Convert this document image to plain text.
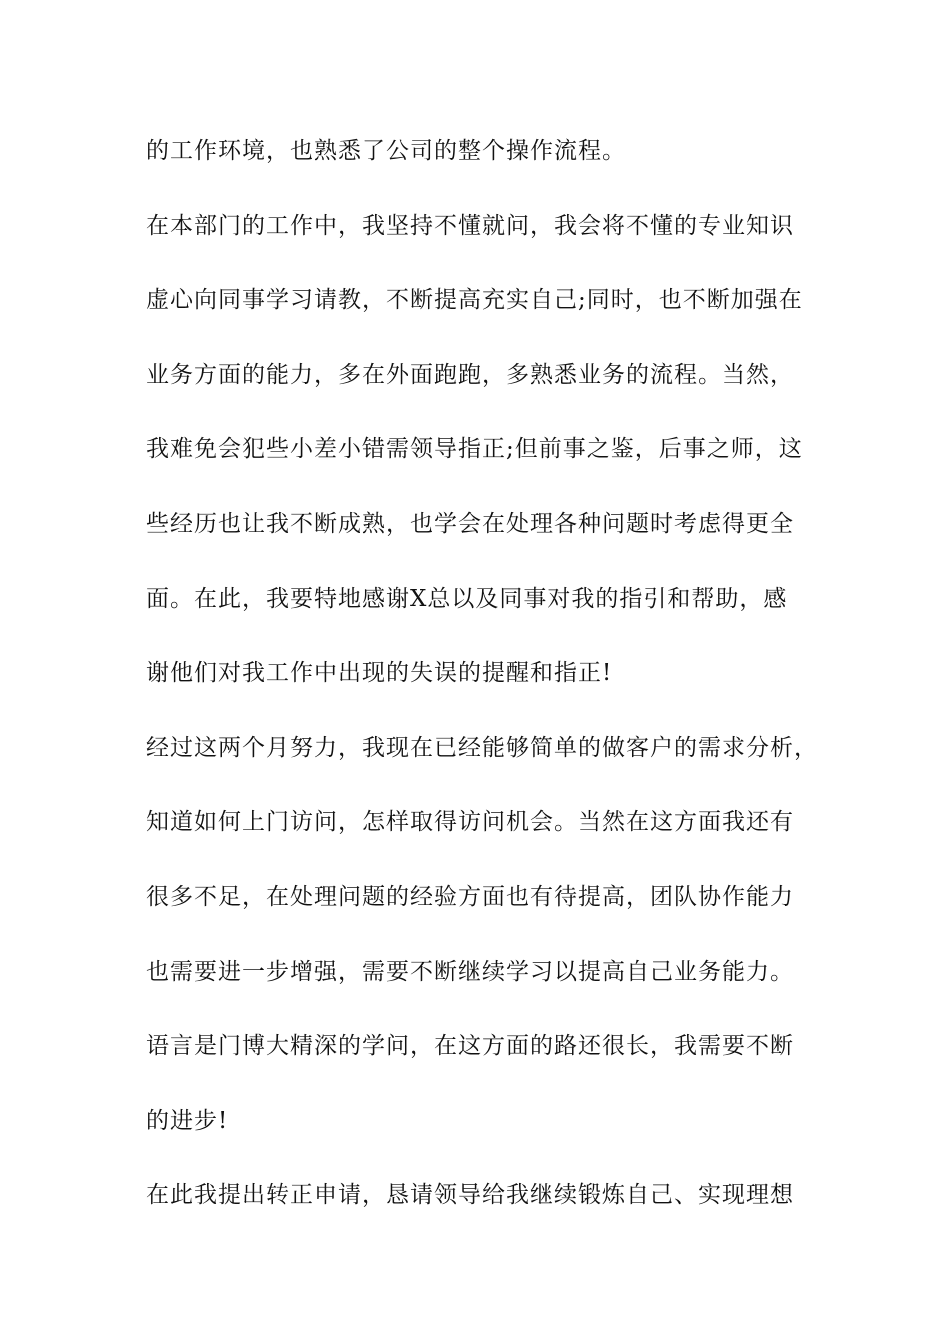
的工作环境，也熟悉了公司的整个操作流程。
在本部门的工作中，我坚持不懂就问，我会将不懂的专业知识
虚心向同事学习请教，不断提高充实自己;同时，也不断加强在
业务方面的能力，多在外面跑跑，多熟悉业务的流程。当然，
我难免会犯些小差小错需领导指正;但前事之鉴，后事之师，这
些经历也让我不断成熟，也学会在处理各种问题时考虑得更全
面。在此，我要特地感谢X总以及同事对我的指引和帮助，感
谢他们对我工作中出现的失误的提醒和指正!
经过这两个月努力，我现在已经能够简单的做客户的需求分析，
知道如何上门访问，怎样取得访问机会。当然在这方面我还有
很多不足，在处理问题的经验方面也有待提高，团队协作能力
也需要进一步增强，需要不断继续学习以提高自己业务能力。
语言是门博大精深的学问，在这方面的路还很长，我需要不断
的进步!
在此我提出转正申请，恳请领导给我继续锻炼自己、实现理想
